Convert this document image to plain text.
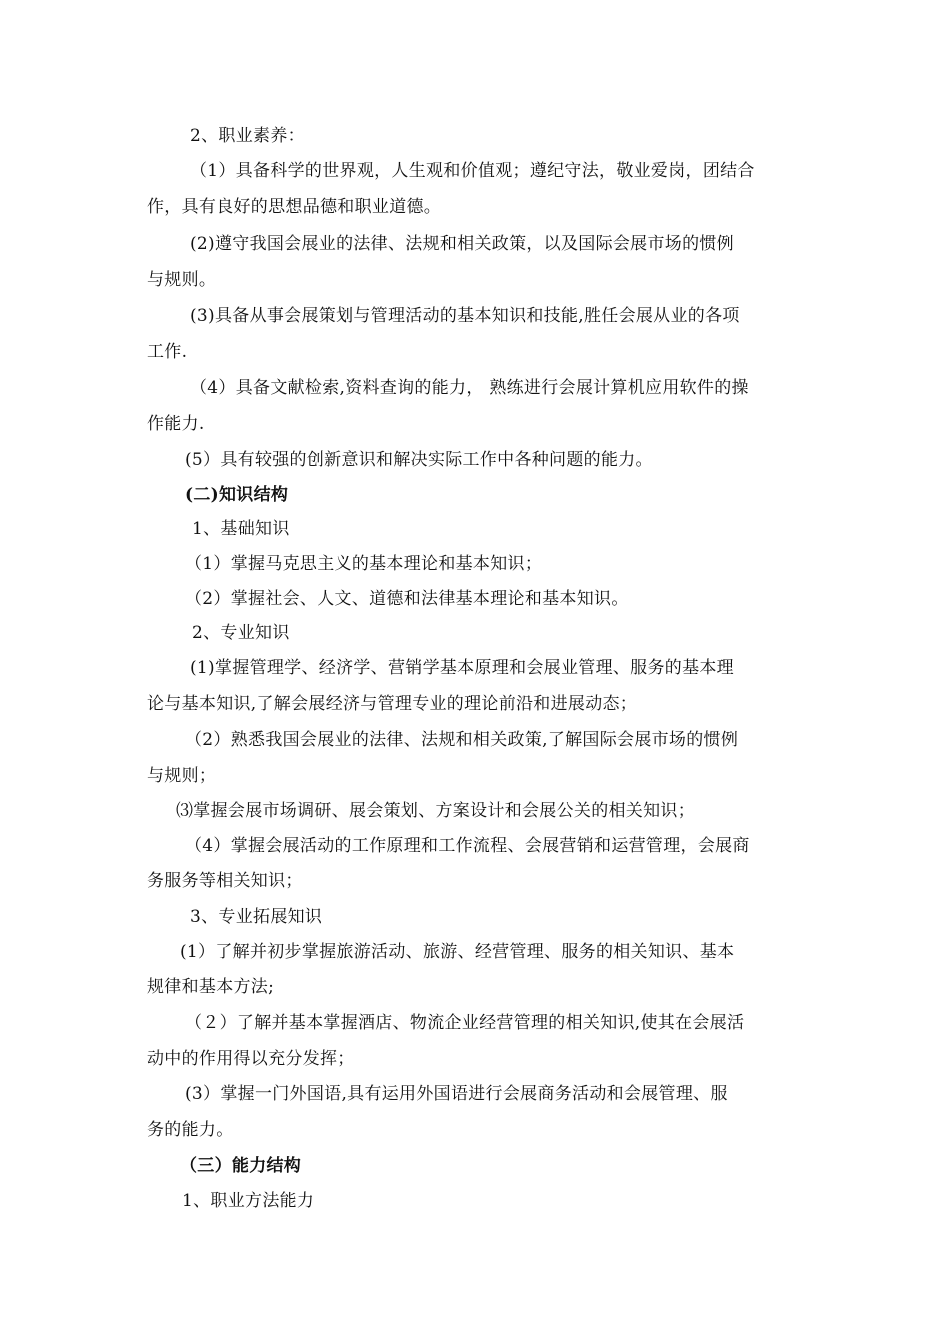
2、职业素养：
（1）具备科学的世界观，人生观和价值观；遵纪守法，敬业爱岗，团结合
作，具有良好的思想品德和职业道德。
(2)遵守我国会展业的法律、法规和相关政策，以及国际会展市场的惯例
与规则。
(3)具备从事会展策划与管理活动的基本知识和技能,胜任会展从业的各项
工作.
（4）具备文献检索,资料查询的能力， 熟练进行会展计算机应用软件的操
作能力.
(5）具有较强的创新意识和解决实际工作中各种问题的能力。
(二)知识结构
1、基础知识
（1）掌握马克思主义的基本理论和基本知识；
（2）掌握社会、人文、道德和法律基本理论和基本知识。
2、专业知识
(1)掌握管理学、经济学、营销学基本原理和会展业管理、服务的基本理
论与基本知识,了解会展经济与管理专业的理论前沿和进展动态；
（2）熟悉我国会展业的法律、法规和相关政策,了解国际会展市场的惯例
与规则；
⑶掌握会展市场调研、展会策划、方案设计和会展公关的相关知识；
（4）掌握会展活动的工作原理和工作流程、会展营销和运营管理，会展商
务服务等相关知识；
3、专业拓展知识
(1）了解并初步掌握旅游活动、旅游、经营管理、服务的相关知识、基本
规律和基本方法;
（２）了解并基本掌握酒店、物流企业经营管理的相关知识,使其在会展活
动中的作用得以充分发挥；
(3）掌握一门外国语,具有运用外国语进行会展商务活动和会展管理、服
务的能力。
（三）能力结构
1、职业方法能力
